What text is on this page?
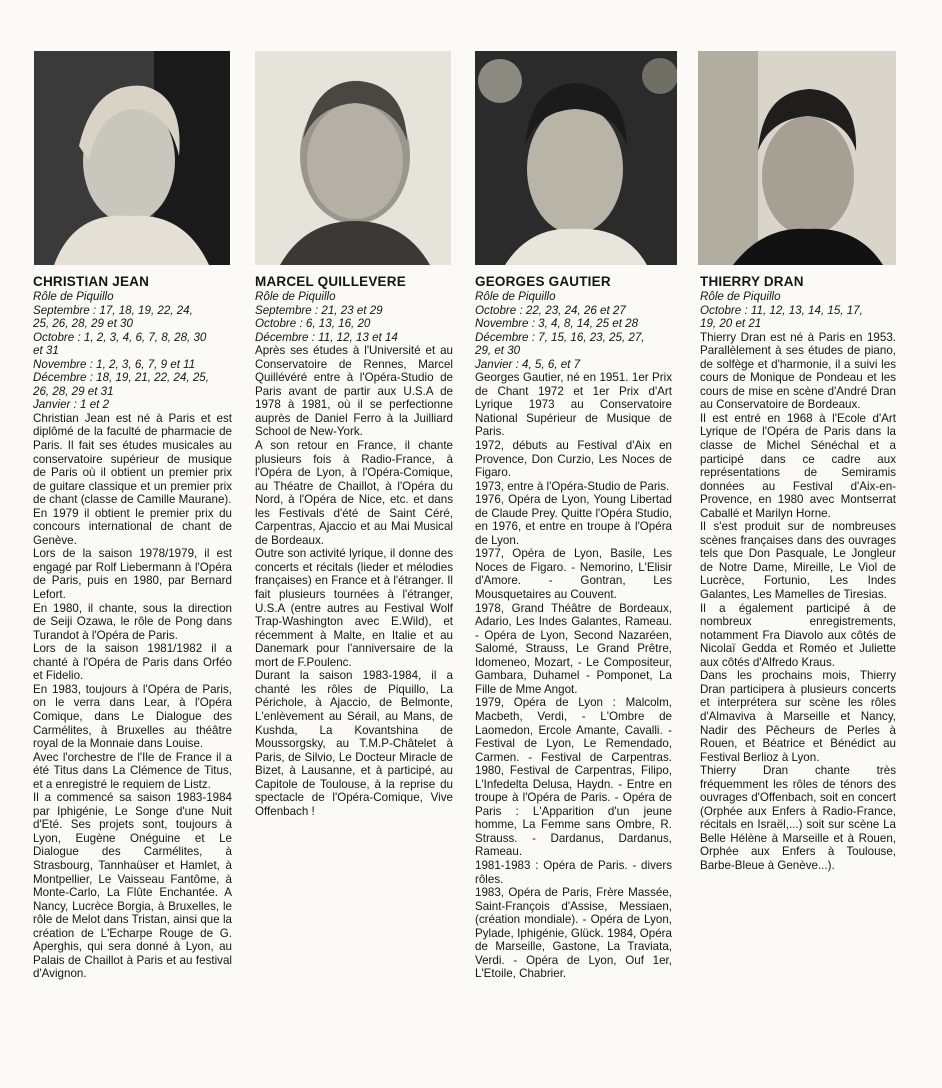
CHRISTIAN JEAN

Rôle de Piquillo

Septembre : 17, 18, 19, 22, 24,

25, 26, 28, 29 et 30

Octobre : 1, 2, 3, 4, 6, 7, 8, 28, 30

et 31

Novembre : 1, 2, 3, 6, 7, 9 et 11

Décembre : 18, 19, 21, 22, 24, 25,

26, 28, 29 et 31

Janvier : 1 et 2

Christian Jean est né à Paris et est diplômé de la faculté de pharmacie de Paris. Il fait ses études musicales au conservatoire supérieur de musique de Paris où il obtient un premier prix de guitare classique et un premier prix de chant (classe de Camille Maurane).

En 1979 il obtient le premier prix du concours international de chant de Genève.

Lors de la saison 1978/1979, il est engagé par Rolf Liebermann à l'Opéra de Paris, puis en 1980, par Bernard Lefort.

En 1980, il chante, sous la direction de Seiji Ozawa, le rôle de Pong dans Turandot à l'Opéra de Paris.

Lors de la saison 1981/1982 il a chanté à l'Opéra de Paris dans Orféo et Fidelio.

En 1983, toujours à l'Opéra de Paris, on le verra dans Lear, à l'Opéra Comique, dans Le Dialogue des Carmélites, à Bruxelles au théâtre royal de la Monnaie dans Louise.

Avec l'orchestre de l'Ile de France il a été Titus dans La Clémence de Titus, et a enregistré le requiem de Listz.

Il a commencé sa saison 1983-1984 par Iphigénie, Le Songe d'une Nuit d'Eté. Ses projets sont, toujours à Lyon, Eugène Onéguine et Le Dialogue des Carmélites, à Strasbourg, Tannhaüser et Hamlet, à Montpellier, Le Vaisseau Fantôme, à Monte-Carlo, La Flûte Enchantée. A Nancy, Lucrèce Borgia, à Bruxelles, le rôle de Melot dans Tristan, ainsi que la création de L'Echarpe Rouge de G. Aperghis, qui sera donné à Lyon, au Palais de Chaillot à Paris et au festival d'Avignon.

MARCEL QUILLEVERE

Rôle de Piquillo

Septembre : 21, 23 et 29

Octobre : 6, 13, 16, 20

Décembre : 11, 12, 13 et 14

Après ses études à l'Université et au Conservatoire de Rennes, Marcel Quillévéré entre à l'Opéra-Studio de Paris avant de partir aux U.S.A de 1978 à 1981, où il se perfectionne auprès de Daniel Ferro à la Juilliard School de New-York.

A son retour en France, il chante plusieurs fois à Radio-France, à l'Opéra de Lyon, à l'Opéra-Comique, au Théatre de Chaillot, à l'Opéra du Nord, à l'Opéra de Nice, etc. et dans les Festivals d'été de Saint Céré, Carpentras, Ajaccio et au Mai Musical de Bordeaux.

Outre son activité lyrique, il donne des concerts et récitals (lieder et mélodies françaises) en France et à l'étranger. Il fait plusieurs tournées à l'étranger, U.S.A (entre autres au Festival Wolf Trap-Washington avec E.Wild), et récemment à Malte, en Italie et au Danemark pour l'anniversaire de la mort de F.Poulenc.

Durant la saison 1983-1984, il a chanté les rôles de Piquillo, La Périchole, à Ajaccio, de Belmonte, L'enlèvement au Sérail, au Mans, de Kushda, La Kovantshina de Moussorgsky, au T.M.P-Châtelet à Paris, de Silvio, Le Docteur Miracle de Bizet, à Lausanne, et à participé, au Capitole de Toulouse, à la reprise du spectacle de l'Opéra-Comique, Vive Offenbach !

GEORGES GAUTIER

Rôle de Piquillo

Octobre : 22, 23, 24, 26 et 27

Novembre : 3, 4, 8, 14, 25 et 28

Décembre : 7, 15, 16, 23, 25, 27,

29, et 30

Janvier : 4, 5, 6, et 7

Georges Gautier, né en 1951. 1er Prix de Chant 1972 et 1er Prix d'Art Lyrique 1973 au Conservatoire National Supérieur de Musique de Paris.

1972, débuts au Festival d'Aix en Provence, Don Curzio, Les Noces de Figaro.

1973, entre à l'Opéra-Studio de Paris.

1976, Opéra de Lyon, Young Libertad de Claude Prey. Quitte l'Opéra Studio, en 1976, et entre en troupe à l'Opéra de Lyon.

1977, Opéra de Lyon, Basile, Les Noces de Figaro. - Nemorino, L'Elisir d'Amore. - Gontran, Les Mousquetaires au Couvent.

1978, Grand Théâtre de Bordeaux, Adario, Les Indes Galantes, Rameau. - Opéra de Lyon, Second Nazaréen, Salomé, Strauss, Le Grand Prêtre, Idomeneo, Mozart, - Le Compositeur, Gambara, Duhamel - Pomponet, La Fille de Mme Angot.

1979, Opéra de Lyon : Malcolm, Macbeth, Verdi, - L'Ombre de Laomedon, Ercole Amante, Cavalli. - Festival de Lyon, Le Remendado, Carmen. - Festival de Carpentras. 1980, Festival de Carpentras, Filipo, L'Infedelta Delusa, Haydn. - Entre en troupe à l'Opéra de Paris. - Opéra de Paris : L'Apparition d'un jeune homme, La Femme sans Ombre, R. Strauss. - Dardanus, Dardanus, Rameau.

1981-1983 : Opéra de Paris. - divers rôles.

1983, Opéra de Paris, Frère Massée, Saint-François d'Assise, Messiaen, (création mondiale). - Opéra de Lyon, Pylade, Iphigénie, Glück. 1984, Opéra de Marseille, Gastone, La Traviata, Verdi. - Opéra de Lyon, Ouf 1er, L'Etoile, Chabrier.

THIERRY DRAN

Rôle de Piquillo

Octobre : 11, 12, 13, 14, 15, 17,

19, 20 et 21

Thierry Dran est né à Paris en 1953. Parallèlement à ses études de piano, de solfège et d'harmonie, il a suivi les cours de Monique de Pondeau et les cours de mise en scène d'André Dran au Conservatoire de Bordeaux.

Il est entré en 1968 à l'Ecole d'Art Lyrique de l'Opéra de Paris dans la classe de Michel Sénéchal et a participé dans ce cadre aux représentations de Semiramis données au Festival d'Aix-en-Provence, en 1980 avec Montserrat Caballé et Marilyn Horne.

Il s'est produit sur de nombreuses scènes françaises dans des ouvrages tels que Don Pasquale, Le Jongleur de Notre Dame, Mireille, Le Viol de Lucrèce, Fortunio, Les Indes Galantes, Les Mamelles de Tiresias.

Il a également participé à de nombreux enregistrements, notamment Fra Diavolo aux côtés de Nicolaï Gedda et Roméo et Juliette aux côtés d'Alfredo Kraus.

Dans les prochains mois, Thierry Dran participera à plusieurs concerts et interprétera sur scène les rôles d'Almaviva à Marseille et Nancy, Nadir des Pêcheurs de Perles à Rouen, et Béatrice et Bénédict au Festival Berlioz à Lyon.

Thierry Dran chante très fréquemment les rôles de ténors des ouvrages d'Offenbach, soit en concert (Orphée aux Enfers à Radio-France, récitals en Israël,...) soit sur scène La Belle Hélène à Marseille et à Rouen, Orphée aux Enfers à Toulouse, Barbe-Bleue à Genève...).
